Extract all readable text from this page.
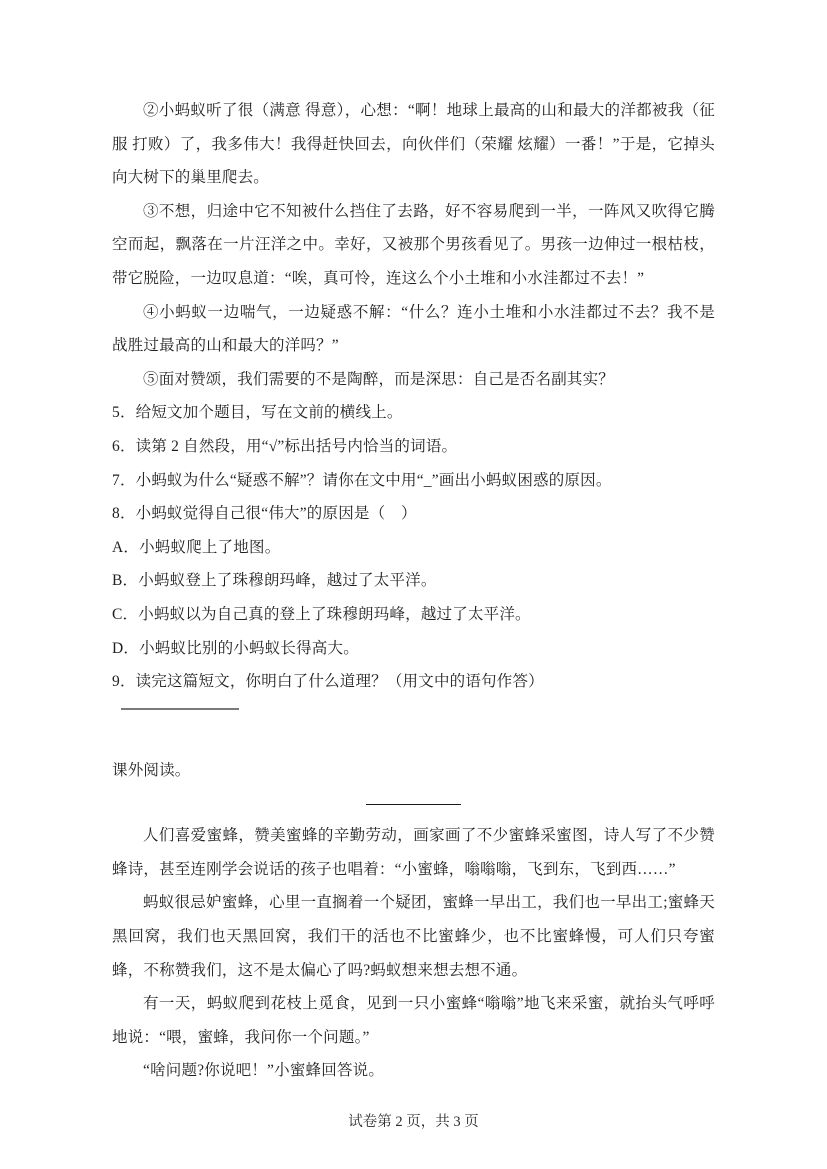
②小蚂蚁听了很（满意 得意），心想：“啊！地球上最高的山和最大的洋都被我（征服 打败）了，我多伟大！我得赶快回去，向伙伴们（荣耀 炫耀）一番！”于是，它掉头向大树下的巢里爬去。

③不想，归途中它不知被什么挡住了去路，好不容易爬到一半，一阵风又吹得它腾空而起，飘落在一片汪洋之中。幸好，又被那个男孩看见了。男孩一边伸过一根枯枝，带它脱险，一边叹息道：“唉，真可怜，连这么个小土堆和小水洼都过不去！”

④小蚂蚁一边喘气，一边疑惑不解：“什么？连小土堆和小水洼都过不去？我不是战胜过最高的山和最大的洋吗？”

⑤面对赞颂，我们需要的不是陶醉，而是深思：自己是否名副其实？

5．给短文加个题目，写在文前的横线上。

6．读第 2 自然段，用“√”标出括号内恰当的词语。

7．小蚂蚁为什么“疑惑不解”？请你在文中用“_”画出小蚂蚁困惑的原因。

8．小蚂蚁觉得自己很“伟大”的原因是（　）

A．小蚂蚁爬上了地图。

B．小蚂蚁登上了珠穆朗玛峰，越过了太平洋。

C．小蚂蚁以为自己真的登上了珠穆朗玛峰，越过了太平洋。

D．小蚂蚁比别的小蚂蚁长得高大。

9．读完这篇短文，你明白了什么道理？（用文中的语句作答）

课外阅读。

人们喜爱蜜蜂，赞美蜜蜂的辛勤劳动，画家画了不少蜜蜂采蜜图，诗人写了不少赞蜂诗，甚至连刚学会说话的孩子也唱着：“小蜜蜂，嗡嗡嗡，飞到东，飞到西……”

蚂蚁很忌妒蜜蜂，心里一直搁着一个疑团，蜜蜂一早出工，我们也一早出工;蜜蜂天黑回窝，我们也天黑回窝，我们干的活也不比蜜蜂少，也不比蜜蜂慢，可人们只夸蜜蜂，不称赞我们，这不是太偏心了吗?蚂蚁想来想去想不通。

有一天，蚂蚁爬到花枝上觅食，见到一只小蜜蜂“嗡嗡”地飞来采蜜，就抬头气呼呼地说：“喂，蜜蜂，我问你一个问题。”

“啥问题?你说吧！”小蜜蜂回答说。

试卷第 2 页，共 3 页
